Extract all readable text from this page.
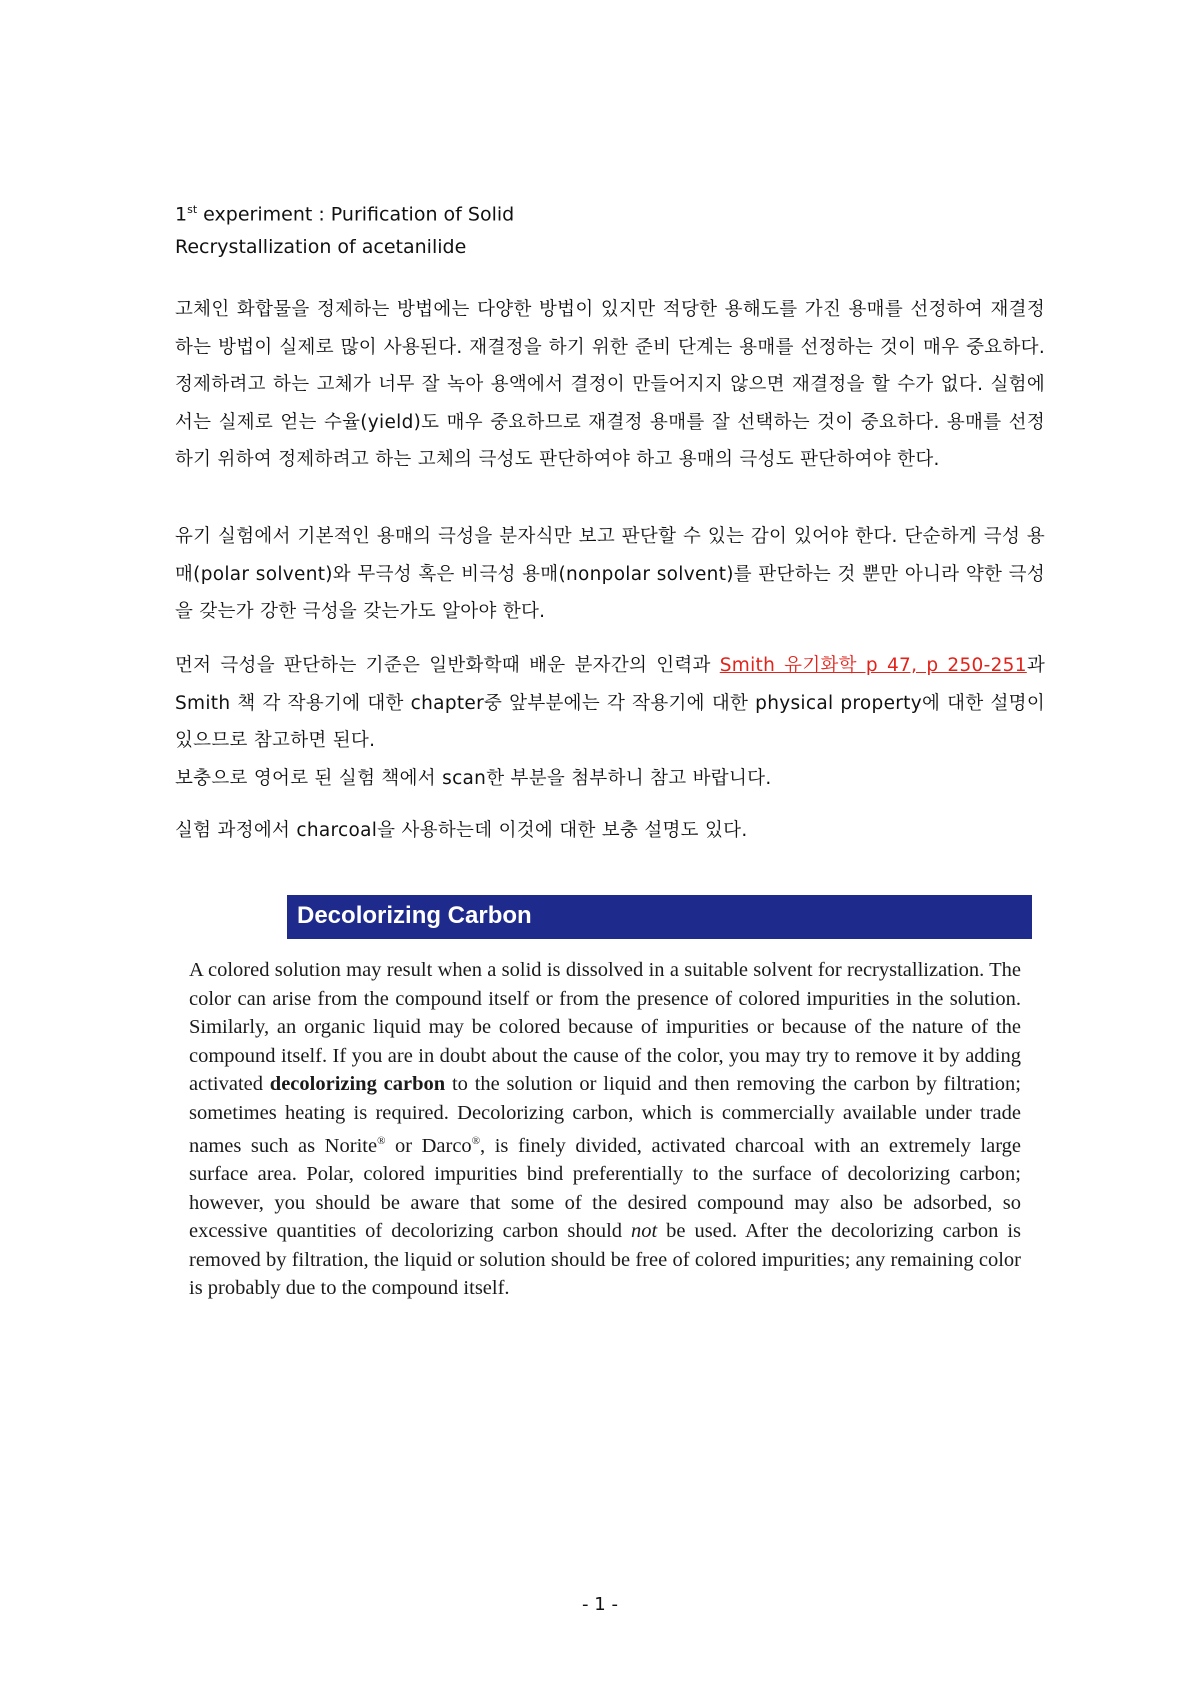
1st experiment : Purification of Solid
Recrystallization of acetanilide

고체인 화합물을 정제하는 방법에는 다양한 방법이 있지만 적당한 용해도를 가진 용매를 선정하여 재결정하는 방법이 실제로 많이 사용된다. 재결정을 하기 위한 준비 단계는 용매를 선정하는 것이 매우 중요하다. 정제하려고 하는 고체가 너무 잘 녹아 용액에서 결정이 만들어지지 않으면 재결정을 할 수가 없다. 실험에서는 실제로 얻는 수율(yield)도 매우 중요하므로 재결정 용매를 잘 선택하는 것이 중요하다. 용매를 선정하기 위하여 정제하려고 하는 고체의 극성도 판단하여야 하고 용매의 극성도 판단하여야 한다.

유기 실험에서 기본적인 용매의 극성을 분자식만 보고 판단할 수 있는 감이 있어야 한다. 단순하게 극성 용매(polar solvent)와 무극성 혹은 비극성 용매(nonpolar solvent)를 판단하는 것 뿐만 아니라 약한 극성을 갖는가 강한 극성을 갖는가도 알아야 한다.

먼저 극성을 판단하는 기준은 일반화학때 배운 분자간의 인력과 Smith 유기화학 p 47, p 250-251과 Smith 책 각 작용기에 대한 chapter중 앞부분에는 각 작용기에 대한 physical property에 대한 설명이 있으므로 참고하면 된다.
보충으로 영어로 된 실험 책에서 scan한 부분을 첨부하니 참고 바랍니다.

실험 과정에서 charcoal을 사용하는데 이것에 대한 보충 설명도 있다.

Decolorizing Carbon

A colored solution may result when a solid is dissolved in a suitable solvent for recrystallization. The color can arise from the compound itself or from the presence of colored impurities in the solution. Similarly, an organic liquid may be colored because of impurities or because of the nature of the compound itself. If you are in doubt about the cause of the color, you may try to remove it by adding activated decolorizing carbon to the solution or liquid and then removing the carbon by filtration; sometimes heating is required. Decolorizing carbon, which is commercially available under trade names such as Norite® or Darco®, is finely divided, activated charcoal with an extremely large surface area. Polar, colored impurities bind preferentially to the surface of decolorizing carbon; however, you should be aware that some of the desired compound may also be adsorbed, so excessive quantities of decolorizing carbon should not be used. After the decolorizing carbon is removed by filtration, the liquid or solution should be free of colored impurities; any remaining color is probably due to the compound itself.

- 1 -
